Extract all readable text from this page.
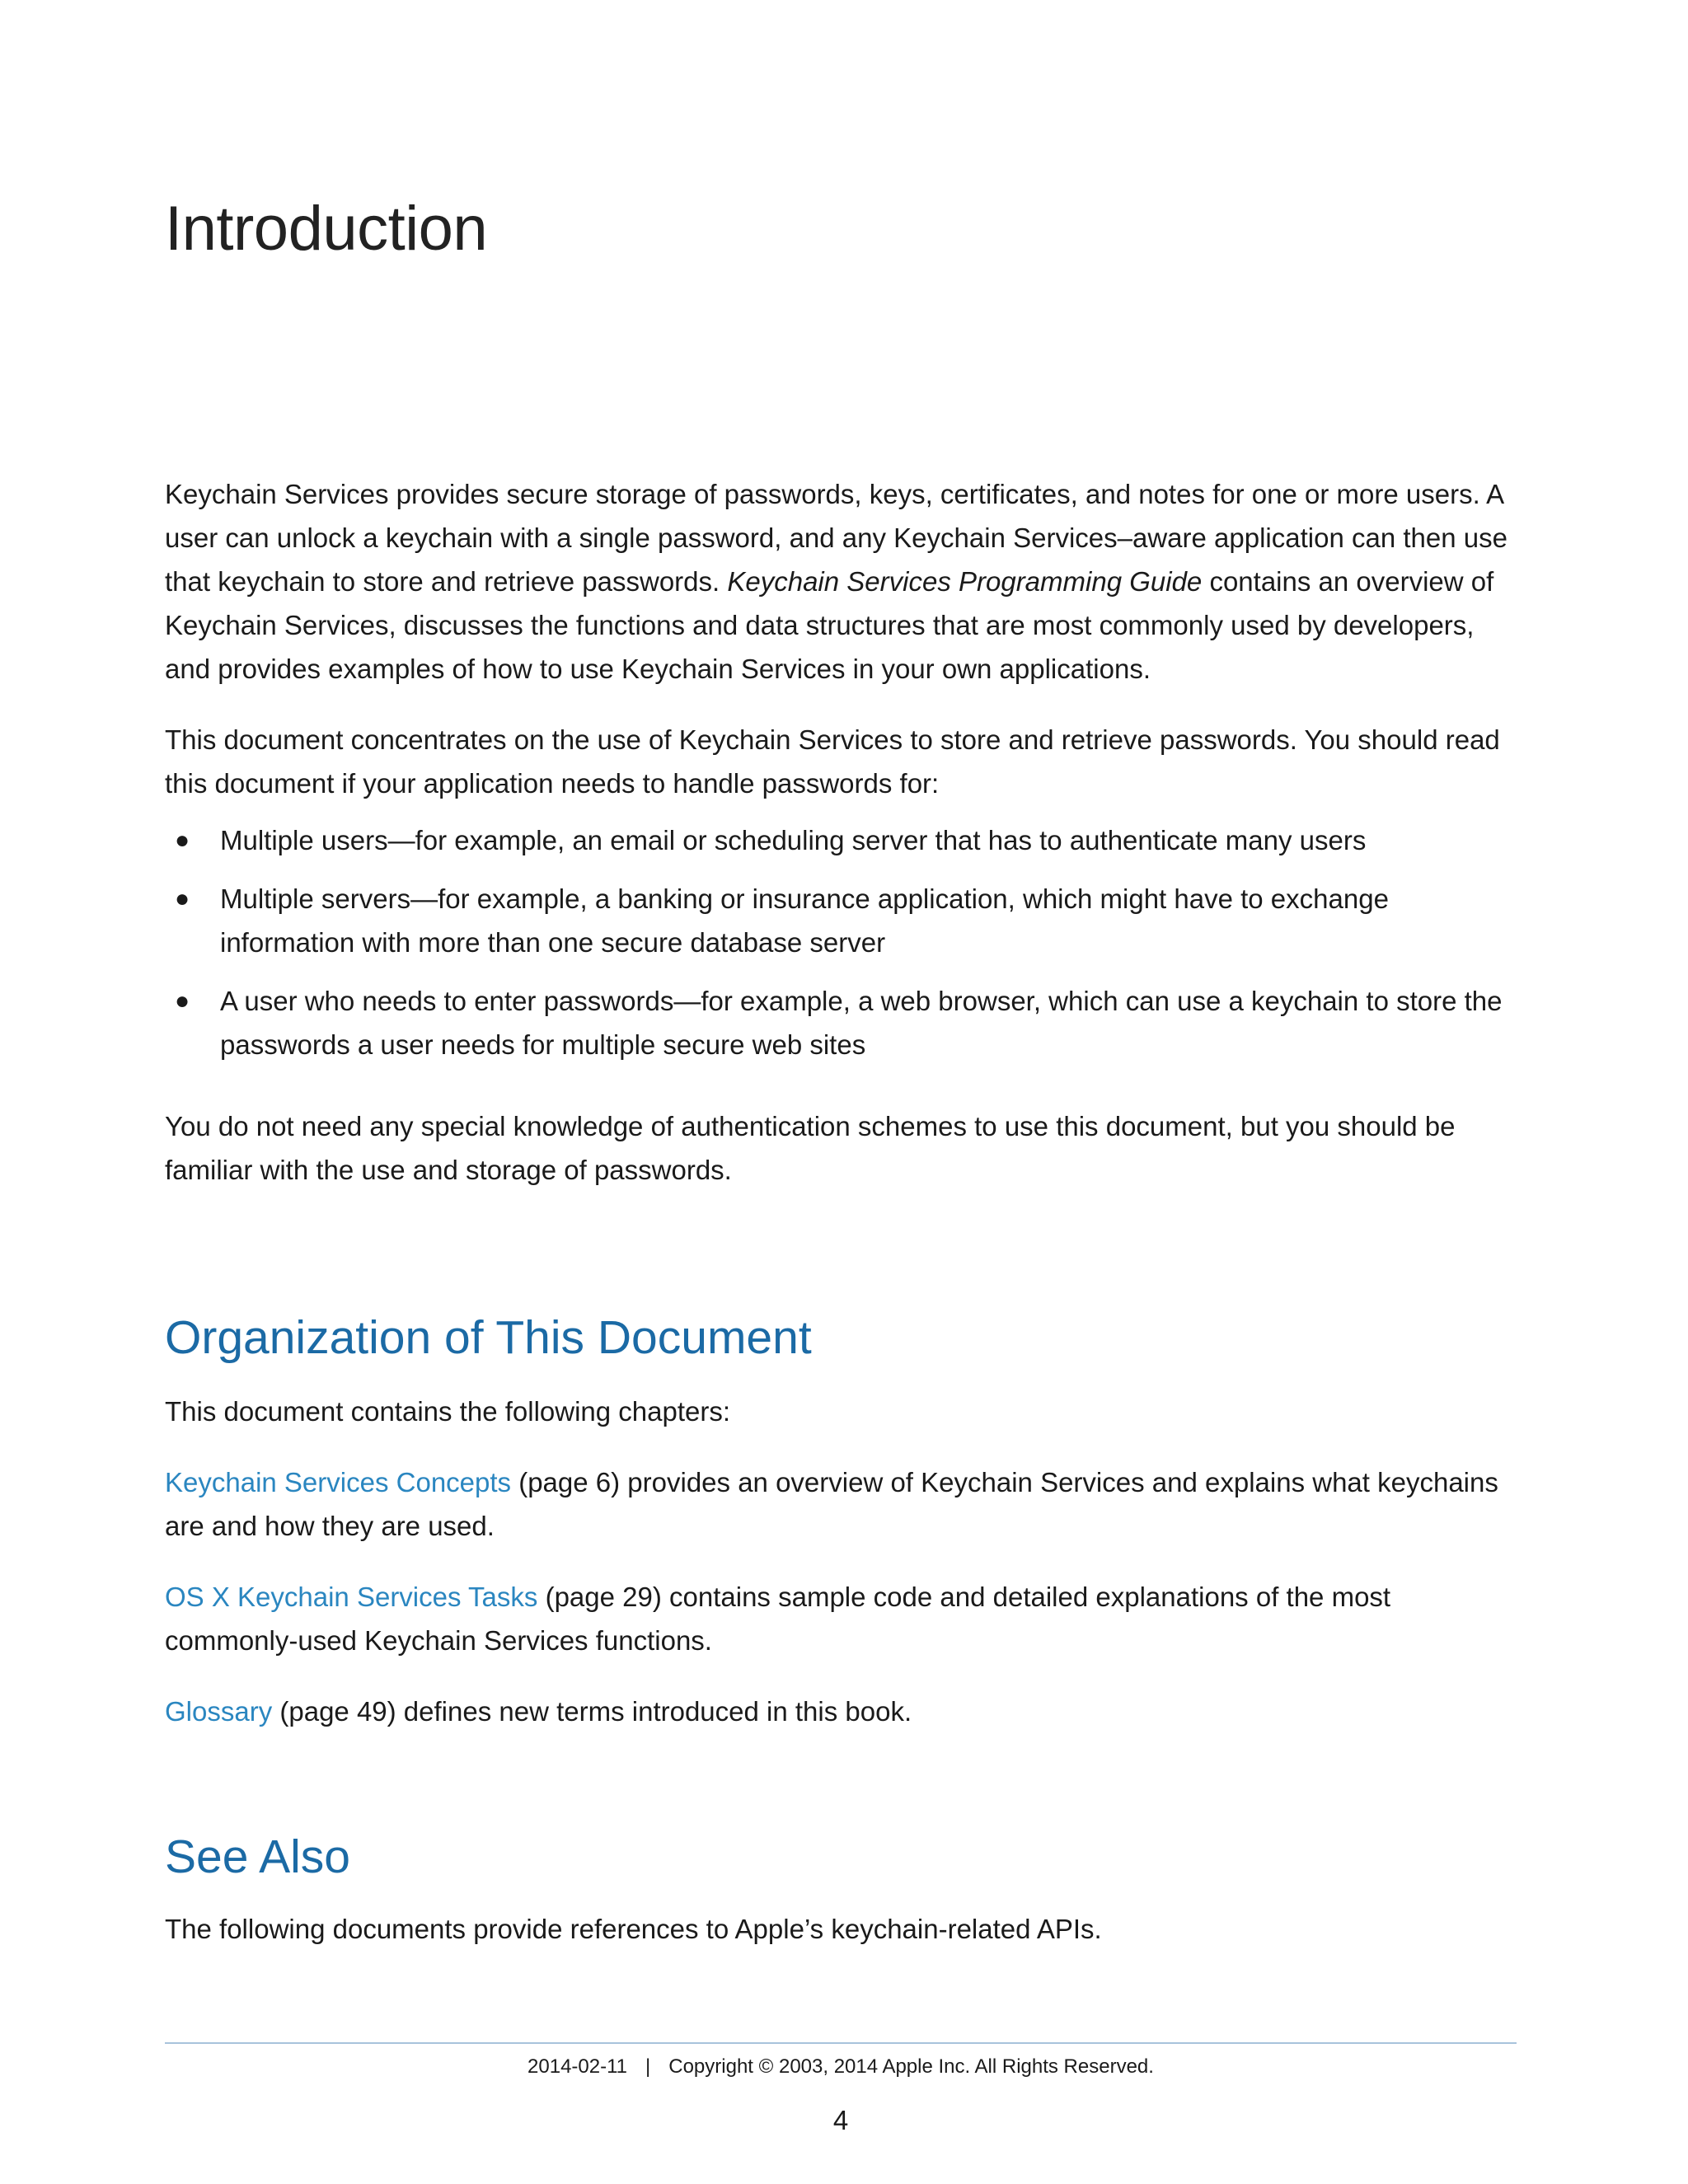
Introduction

Keychain Services provides secure storage of passwords, keys, certificates, and notes for one or more users. A user can unlock a keychain with a single password, and any Keychain Services–aware application can then use that keychain to store and retrieve passwords. Keychain Services Programming Guide contains an overview of Keychain Services, discusses the functions and data structures that are most commonly used by developers, and provides examples of how to use Keychain Services in your own applications.

This document concentrates on the use of Keychain Services to store and retrieve passwords. You should read this document if your application needs to handle passwords for:

● Multiple users—for example, an email or scheduling server that has to authenticate many users
● Multiple servers—for example, a banking or insurance application, which might have to exchange information with more than one secure database server
● A user who needs to enter passwords—for example, a web browser, which can use a keychain to store the passwords a user needs for multiple secure web sites

You do not need any special knowledge of authentication schemes to use this document, but you should be familiar with the use and storage of passwords.

Organization of This Document

This document contains the following chapters:

Keychain Services Concepts (page 6) provides an overview of Keychain Services and explains what keychains are and how they are used.

OS X Keychain Services Tasks (page 29) contains sample code and detailed explanations of the most commonly-used Keychain Services functions.

Glossary (page 49) defines new terms introduced in this book.

See Also

The following documents provide references to Apple’s keychain-related APIs.

2014-02-11 | Copyright © 2003, 2014 Apple Inc. All Rights Reserved.
4
